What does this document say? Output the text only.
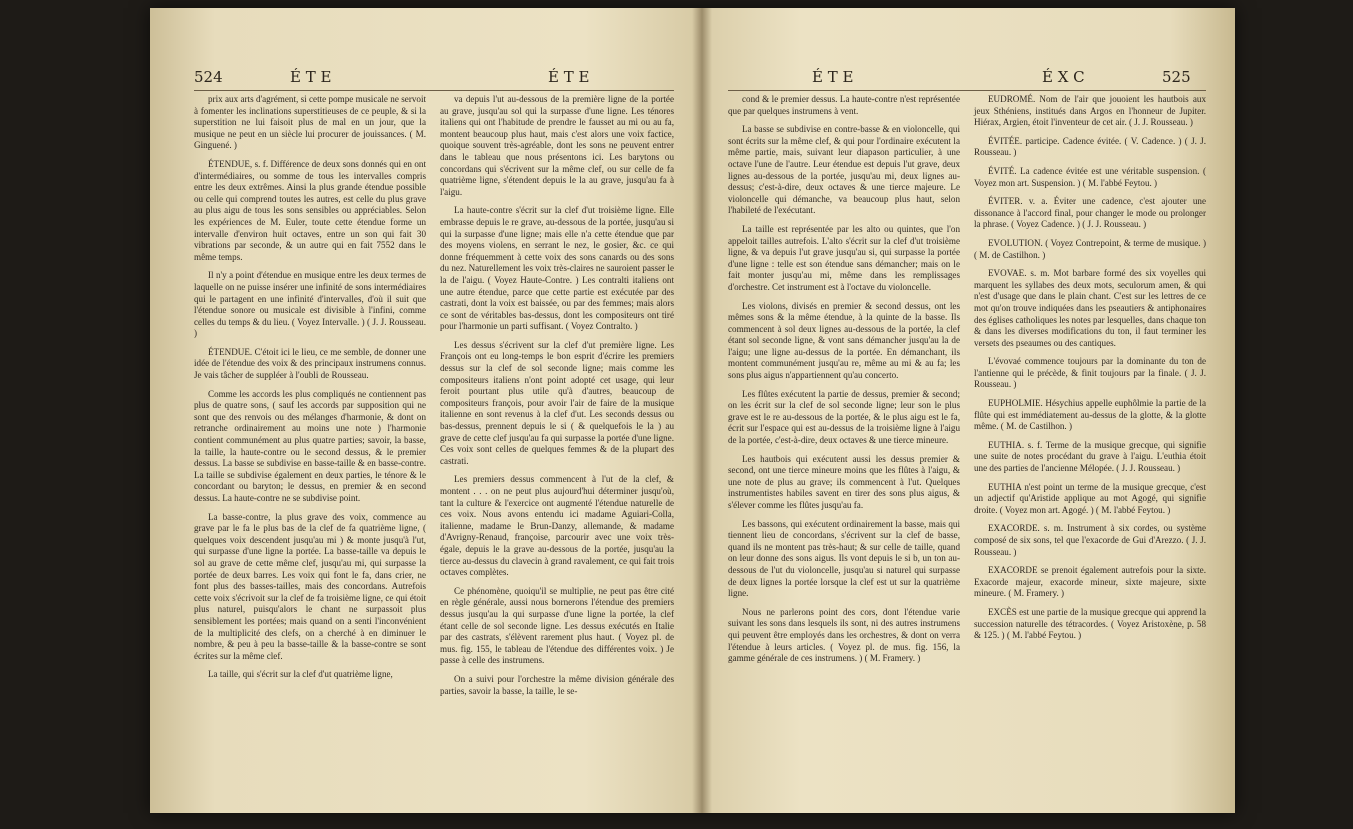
524	É T E	É T E

prix aux arts d'agrément, si cette pompe musicale ne servoit à fomenter les inclinations superstitieuses de ce peuple, & si la superstition ne lui faisoit plus de mal en un jour, que la musique ne peut en un siècle lui procurer de jouissances. ( M. Ginguené. )

ÉTENDUE, s. f. Différence de deux sons donnés qui en ont d'intermédiaires, ou somme de tous les intervalles compris entre les deux extrêmes. Ainsi la plus grande étendue possible ou celle qui comprend toutes les autres, est celle du plus grave au plus aigu de tous les sons sensibles ou appréciables. Selon les expériences de M. Euler, toute cette étendue forme un intervalle d'environ huit octaves, entre un son qui fait 30 vibrations par seconde, & un autre qui en fait 7552 dans le même temps.

Il n'y a point d'étendue en musique entre les deux termes de laquelle on ne puisse insérer une infinité de sons intermédiaires qui le partagent en une infinité d'intervalles, d'où il suit que l'étendue sonore ou musicale est divisible à l'infini, comme celles du temps & du lieu. ( Voyez Intervalle. ) ( J. J. Rousseau. )

ÉTENDUE. C'étoit ici le lieu, ce me semble, de donner une idée de l'étendue des voix & des principaux instrumens connus. Je vais tâcher de suppléer à l'oubli de Rousseau.

Comme les accords les plus compliqués ne contiennent pas plus de quatre sons, ( sauf les accords par supposition qui ne sont que des renvois ou des mélanges d'harmonie, & dont on retranche ordinairement au moins une note ) l'harmonie contient communément au plus quatre parties; savoir, la basse, la taille, la haute-contre ou le second dessus, & le premier dessus. La basse se subdivise en basse-taille & en basse-contre. La taille se subdivise également en deux parties, le ténore & le concordant ou baryton; le dessus, en premier & en second dessus. La haute-contre ne se subdivise point.

La basse-contre, la plus grave des voix, commence au grave par le fa le plus bas de la clef de fa quatrième ligne, ( quelques voix descendent jusqu'au mi ) & monte jusqu'à l'ut, qui surpasse d'une ligne la portée. La basse-taille va depuis le sol au grave de cette même clef, jusqu'au mi, qui surpasse la portée de deux barres. Les voix qui font le fa, dans crier, ne font plus des basses-tailles, mais des concordans. Autrefois cette voix s'écrivoit sur la clef de fa troisième ligne, ce qui étoit plus naturel, puisqu'alors le chant ne surpassoit plus sensiblement les portées; mais quand on a senti l'inconvénient de la multiplicité des clefs, on a cherché à en diminuer le nombre, & peu à peu la basse-taille & la basse-contre se sont écrites sur la même clef.

La taille, qui s'écrit sur la clef d'ut quatrième ligne,

va depuis l'ut au-dessous de la première ligne de la portée au grave, jusqu'au sol qui la surpasse d'une ligne. Les ténores italiens qui ont l'habitude de prendre le fausset au mi ou au fa, montent beaucoup plus haut, mais c'est alors une voix factice, quoique souvent très-agréable, dont les sons ne peuvent entrer dans le tableau que nous présentons ici. Les barytons ou concordans qui s'écrivent sur la même clef, ou sur celle de fa quatrième ligne, s'étendent depuis le la au grave, jusqu'au fa à l'aigu.

La haute-contre s'écrit sur la clef d'ut troisième ligne. Elle embrasse depuis le re grave, au-dessous de la portée, jusqu'au si qui la surpasse d'une ligne; mais elle n'a cette étendue que par des moyens violens, en serrant le nez, le gosier, &c. ce qui donne fréquemment à cette voix des sons canards ou des sons du nez. Naturellement les voix très-claires ne sauroient passer le la de l'aigu. ( Voyez Haute-Contre. ) Les contralti italiens ont une autre étendue, parce que cette partie est exécutée par des castrati, dont la voix est baissée, ou par des femmes; mais alors ce sont de véritables bas-dessus, dont les compositeurs ont tiré pour l'harmonie un parti suffisant. ( Voyez Contralto. )

Les dessus s'écrivent sur la clef d'ut première ligne. Les François ont eu long-temps le bon esprit d'écrire les premiers dessus sur la clef de sol seconde ligne; mais comme les compositeurs italiens n'ont point adopté cet usage, qui leur feroit pourtant plus utile qu'à d'autres, beaucoup de compositeurs françois, pour avoir l'air de faire de la musique italienne en sont revenus à la clef d'ut. Les seconds dessus ou bas-dessus, prennent depuis le si ( & quelquefois le la ) au grave de cette clef jusqu'au fa qui surpasse la portée d'une ligne. Ces voix sont celles de quelques femmes & de la plupart des castrati.

Les premiers dessus commencent à l'ut de la clef, & montent . . . on ne peut plus aujourd'hui déterminer jusqu'où, tant la culture & l'exercice ont augmenté l'étendue naturelle de ces voix. Nous avons entendu ici madame Aguiari-Colla, italienne, madame le Brun-Danzy, allemande, & madame d'Avrigny-Renaud, françoise, parcourir avec une voix très-égale, depuis le la grave au-dessous de la portée, jusqu'au la tierce au-dessus du clavecin à grand ravalement, ce qui fait trois octaves complètes.

Ce phénomène, quoiqu'il se multiplie, ne peut pas être cité en règle générale, aussi nous bornerons l'étendue des premiers dessus jusqu'au la qui surpasse d'une ligne la portée, la clef étant celle de sol seconde ligne. Les dessus exécutés en Italie par des castrats, s'élèvent rarement plus haut. ( Voyez pl. de mus. fig. 155, le tableau de l'étendue des différentes voix. ) Je passe à celle des instrumens.

On a suivi pour l'orchestre la même division générale des parties, savoir la basse, la taille, le se-

É T E	É X C	525

cond & le premier dessus. La haute-contre n'est représentée que par quelques instrumens à vent.

La basse se subdivise en contre-basse & en violoncelle, qui sont écrits sur la même clef, & qui pour l'ordinaire exécutent la même partie, mais, suivant leur diapason particulier, à une octave l'une de l'autre. Leur étendue est depuis l'ut grave, deux lignes au-dessous de la portée, jusqu'au mi, deux lignes au-dessus; c'est-à-dire, deux octaves & une tierce majeure. Le violoncelle qui démanche, va beaucoup plus haut, selon l'habileté de l'exécutant.

La taille est représentée par les alto ou quintes, que l'on appeloit tailles autrefois. L'alto s'écrit sur la clef d'ut troisième ligne, & va depuis l'ut grave jusqu'au si, qui surpasse la portée d'une ligne : telle est son étendue sans démancher; mais on le fait monter jusqu'au mi, même dans les remplissages d'orchestre. Cet instrument est à l'octave du violoncelle.

Les violons, divisés en premier & second dessus, ont les mêmes sons & la même étendue, à la quinte de la basse. Ils commencent à sol deux lignes au-dessous de la portée, la clef étant sol seconde ligne, & vont sans démancher jusqu'au la de l'aigu; une ligne au-dessus de la portée. En démanchant, ils montent communément jusqu'au re, même au mi & au fa; les sons plus aigus n'appartiennent qu'au concerto.

Les flûtes exécutent la partie de dessus, premier & second; on les écrit sur la clef de sol seconde ligne; leur son le plus grave est le re au-dessous de la portée, & le plus aigu est le fa, écrit sur l'espace qui est au-dessus de la troisième ligne à l'aigu de la portée, c'est-à-dire, deux octaves & une tierce mineure.

Les hautbois qui exécutent aussi les dessus premier & second, ont une tierce mineure moins que les flûtes à l'aigu, & une note de plus au grave; ils commencent à l'ut. Quelques instrumentistes habiles savent en tirer des sons plus aigus, & s'élever comme les flûtes jusqu'au fa.

Les bassons, qui exécutent ordinairement la basse, mais qui tiennent lieu de concordans, s'écrivent sur la clef de basse, quand ils ne montent pas très-haut; & sur celle de taille, quand on leur donne des sons aigus. Ils vont depuis le si b, un ton au-dessous de l'ut du violoncelle, jusqu'au si naturel qui surpasse de deux lignes la portée lorsque la clef est ut sur la quatrième ligne.

Nous ne parlerons point des cors, dont l'étendue varie suivant les sons dans lesquels ils sont, ni des autres instrumens qui peuvent être employés dans les orchestres, & dont on verra l'étendue à leurs articles. ( Voyez pl. de mus. fig. 156, la gamme générale de ces instrumens. ) ( M. Framery. )

EUDROMÉ. Nom de l'air que jouoient les hautbois aux jeux Sthéniens, institués dans Argos en l'honneur de Jupiter. Hiérax, Argien, étoit l'inventeur de cet air. ( J. J. Rousseau. )

ÉVITÉE. participe. Cadence évitée. ( V. Cadence. ) ( J. J. Rousseau. )

ÉVITÉ. La cadence évitée est une véritable suspension. ( Voyez mon art. Suspension. ) ( M. l'abbé Feytou. )

ÉVITER. v. a. Éviter une cadence, c'est ajouter une dissonance à l'accord final, pour changer le mode ou prolonger la phrase. ( Voyez Cadence. ) ( J. J. Rousseau. )

EVOLUTION. ( Voyez Contrepoint, & terme de musique. ) ( M. de Castilhon. )

EVOVAE. s. m. Mot barbare formé des six voyelles qui marquent les syllabes des deux mots, seculorum amen, & qui n'est d'usage que dans le plain chant. C'est sur les lettres de ce mot qu'on trouve indiquées dans les pseautiers & antiphonaires des églises catholiques les notes par lesquelles, dans chaque ton & dans les diverses modifications du ton, il faut terminer les versets des pseaumes ou des cantiques.

L'évovaé commence toujours par la dominante du ton de l'antienne qui le précède, & finit toujours par la finale. ( J. J. Rousseau. )

EUPHOLMIE. Hésychius appelle euphôlmie la partie de la flûte qui est immédiatement au-dessus de la glotte, & la glotte même. ( M. de Castilhon. )

EUTHIA. s. f. Terme de la musique grecque, qui signifie une suite de notes procédant du grave à l'aigu. L'euthia étoit une des parties de l'ancienne Mélopée. ( J. J. Rousseau. )

EUTHIA n'est point un terme de la musique grecque, c'est un adjectif qu'Aristide applique au mot Agogé, qui signifie droite. ( Voyez mon art. Agogé. ) ( M. l'abbé Feytou. )

EXACORDE. s. m. Instrument à six cordes, ou système composé de six sons, tel que l'exacorde de Gui d'Arezzo. ( J. J. Rousseau. )

EXACORDE se prenoit également autrefois pour la sixte. Exacorde majeur, exacorde mineur, sixte majeure, sixte mineure. ( M. Framery. )

EXCÈS est une partie de la musique grecque qui apprend la succession naturelle des tétracordes. ( Voyez Aristoxène, p. 58 & 125. ) ( M. l'abbé Feytou. )
